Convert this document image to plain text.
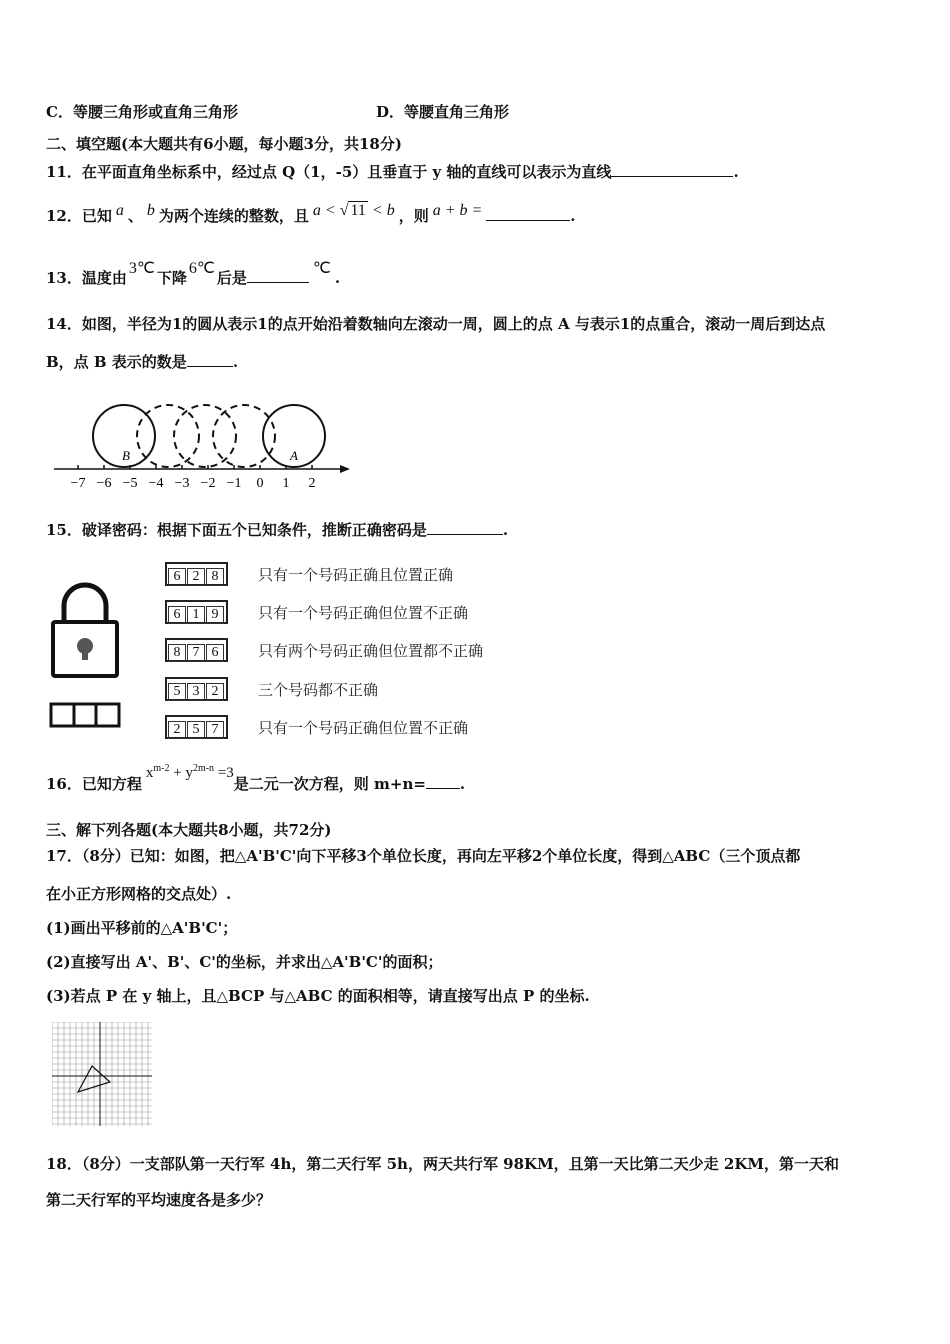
C．等腰三角形或直角三角形	D．等腰直角三角形
二、填空题(本大题共有6小题，每小题3分，共18分)
11．在平面直角坐标系中，经过点 Q（1，-5）且垂直于 y 轴的直线可以表示为直线	.
12．已知 a 、 b 为两个连续的整数，且 a < √ 11 < b ，则 a + b =	.
13．温度由3℃下降6℃后是℃.
14．如图，半径为1的圆从表示1的点开始沿着数轴向左滚动一周，圆上的点 A 与表示1的点重合，滚动一周后到达点
B，点 B 表示的数是	.
−7 −6 −5 −4 −3 −2 −1 0 1 2
B	A
15．破译密码：根据下面五个已知条件，推断正确密码是	.
6 2 8	只有一个号码正确且位置正确
6 1 9	只有一个号码正确但位置不正确
8 7 6	只有两个号码正确但位置都不正确
5 3 2	三个号码都不正确
2 5 7	只有一个号码正确但位置不正确
16．已知方程$x^{m-2} + y^{2m-n} =3$是二元一次方程，则 m+n= .
三、解下列各题(本大题共8小题，共72分)
17．（8分）已知：如图，把△A'B'C'向下平移3个单位长度，再向左平移2个单位长度，得到△ABC（三个顶点都
在小正方形网格的交点处）.
(1)画出平移前的△A'B'C'；
(2)直接写出 A'、B'、C'的坐标，并求出△A'B'C'的面积；
(3)若点 P 在 y 轴上，且△BCP 与△ABC 的面积相等，请直接写出点 P 的坐标.
18．（8分）一支部队第一天行军 4h，第二天行军 5h，两天共行军 98KM，且第一天比第二天少走 2KM，第一天和
第二天行军的平均速度各是多少？
